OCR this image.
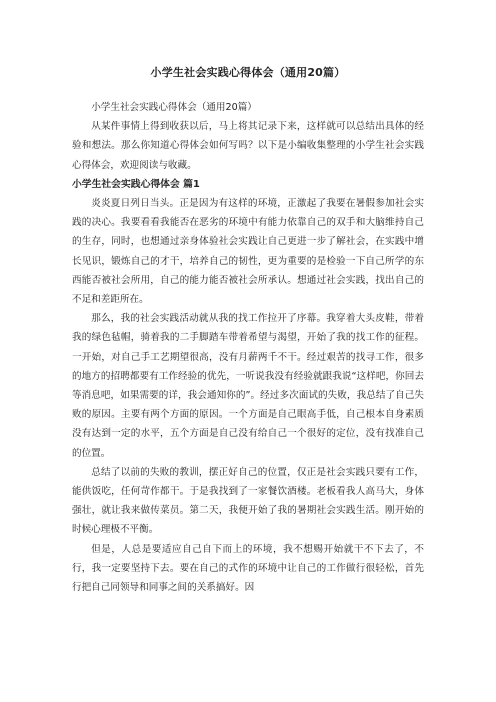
小学生社会实践心得体会（通用20篇）

小学生社会实践心得体会（通用20篇）

从某件事情上得到收获以后，马上将其记录下来，这样就可以总结出具体的经验和想法。那么你知道心得体会如何写吗？以下是小编收集整理的小学生社会实践心得体会，欢迎阅读与收藏。

小学生社会实践心得体会 篇1

炎炎夏日列日当头。正是因为有这样的环境，正激起了我要在暑假参加社会实践的决心。我要看看我能否在恶劣的环境中有能力依靠自己的双手和大脑维持自己的生存，同时，也想通过亲身体验社会实践让自己更进一步了解社会，在实践中增长见识，锻炼自己的才干，培养自己的韧性，更为重要的是检验一下自己所学的东西能否被社会所用，自己的能力能否被社会所承认。想通过社会实践，找出自己的不足和差距所在。

那么，我的社会实践活动就从我的找工作拉开了序幕。我穿着大头皮鞋，带着我的绿色毡帽，骑着我的二手脚踏车带着希望与渴望，开始了我的找工作的征程。一开始，对自己手工艺期望很高，没有月薪两千不干。经过艰苦的找寻工作，很多的地方的招聘都要有工作经验的优先，一听说我没有经验就跟我说“这样吧，你回去等消息吧，如果需要的详，我会通知你的”。经过多次面试的失败，我总结了自己失败的原因。主要有两个方面的原因。一个方面是自己眼高手低，自己根本自身素质没有达到一定的水平，五个方面是自己没有给自己一个很好的定位，没有找准自己的位置。

总结了以前的失败的教训，摆正好自己的位置，仅正是社会实践只要有工作，能供饭吃，任何苛作都干。于是我找到了一家餐饮酒楼。老板看我人高马大，身体强壮，就让我来做传菜员。第二天，我便开始了我的暑期社会实践生活。刚开始的时候心理极不平衡。

但是，人总是要适应自己自下而上的环境，我不想赐开始就干不下去了，不行，我一定要坚持下去。要在自己的式作的环境中让自己的工作做行很轻松，首先行把自己同领导和同事之间的关系搞好。因
